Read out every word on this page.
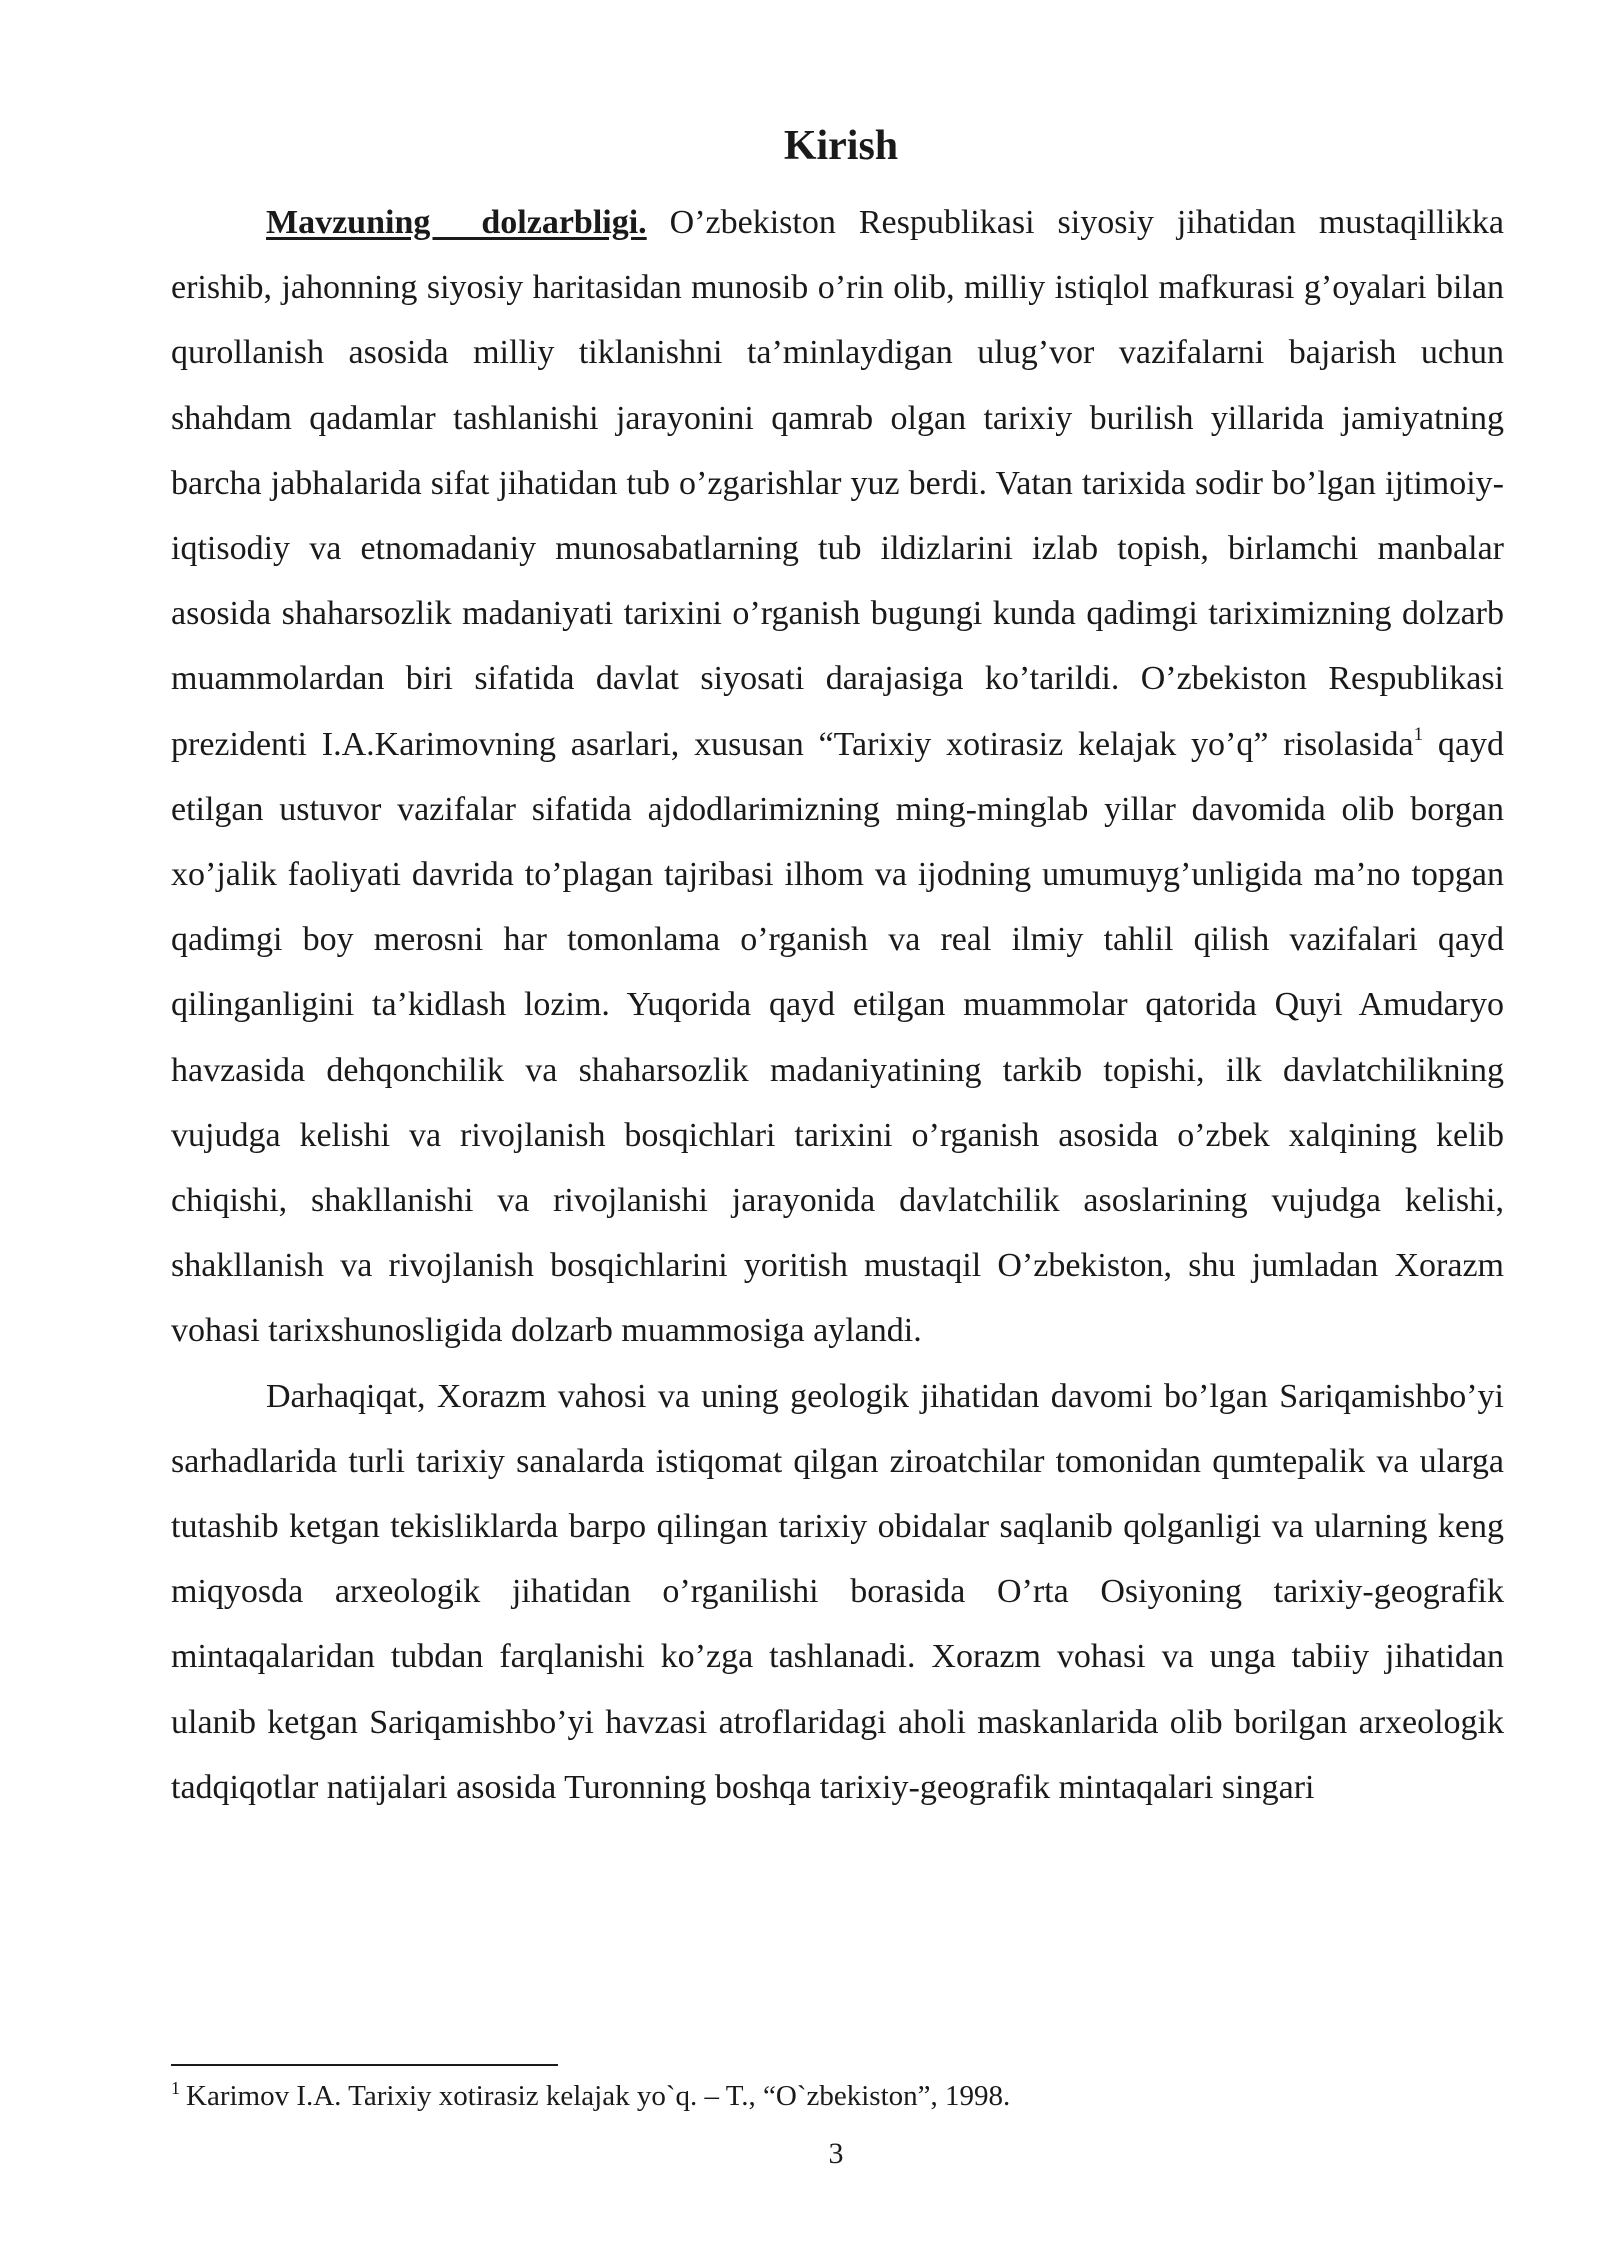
Kirish

Mavzuning dolzarbligi. O’zbekiston Respublikasi siyosiy jihatidan mustaqillikka erishib, jahonning siyosiy haritasidan munosib o’rin olib, milliy istiqlol mafkurasi g’oyalari bilan qurollanish asosida milliy tiklanishni ta’minlaydigan ulug’vor vazifalarni bajarish uchun shahdam qadamlar tashlanishi jarayonini qamrab olgan tarixiy burilish yillarida jamiyatning barcha jabhalarida sifat jihatidan tub o’zgarishlar yuz berdi. Vatan tarixida sodir bo’lgan ijtimoiy-iqtisodiy va etnomadaniy munosabatlarning tub ildizlarini izlab topish, birlamchi manbalar asosida shaharsozlik madaniyati tarixini o’rganish bugungi kunda qadimgi tariximizning dolzarb muammolardan biri sifatida davlat siyosati darajasiga ko’tarildi. O’zbekiston Respublikasi prezidenti I.A.Karimovning asarlari, xususan “Tarixiy xotirasiz kelajak yo’q” risolasida$^1$ qayd etilgan ustuvor vazifalar sifatida ajdodlarimizning ming-minglab yillar davomida olib borgan xo’jalik faoliyati davrida to’plagan tajribasi ilhom va ijodning umumuyg’unligida ma’no topgan qadimgi boy merosni har tomonlama o’rganish va real ilmiy tahlil qilish vazifalari qayd qilinganligini ta’kidlash lozim. Yuqorida qayd etilgan muammolar qatorida Quyi Amudaryo havzasida dehqonchilik va shaharsozlik madaniyatining tarkib topishi, ilk davlatchilikning vujudga kelishi va rivojlanish bosqichlari tarixini o’rganish asosida o’zbek xalqining kelib chiqishi, shakllanishi va rivojlanishi jarayonida davlatchilik asoslarining vujudga kelishi, shakllanish va rivojlanish bosqichlarini yoritish mustaqil O’zbekiston, shu jumladan Xorazm vohasi tarixshunosligida dolzarb muammosiga aylandi.

Darhaqiqat, Xorazm vahosi va uning geologik jihatidan davomi bo’lgan Sariqamishbo’yi sarhadlarida turli tarixiy sanalarda istiqomat qilgan ziroatchilar tomonidan qumtepalik va ularga tutashib ketgan tekisliklarda barpo qilingan tarixiy obidalar saqlanib qolganligi va ularning keng miqyosda arxeologik jihatidan o’rganilishi borasida O’rta Osiyoning tarixiy-geografik mintaqalaridan tubdan farqlanishi ko’zga tashlanadi. Xorazm vohasi va unga tabiiy jihatidan ulanib ketgan Sariqamishbo’yi havzasi atroflaridagi aholi maskanlarida olib borilgan arxeologik tadqiqotlar natijalari asosida Turonning boshqa tarixiy-geografik mintaqalari singari

$^1$ Karimov I.A. Tarixiy xotirasiz kelajak yo`q. – T., “O`zbekiston”, 1998.

3
